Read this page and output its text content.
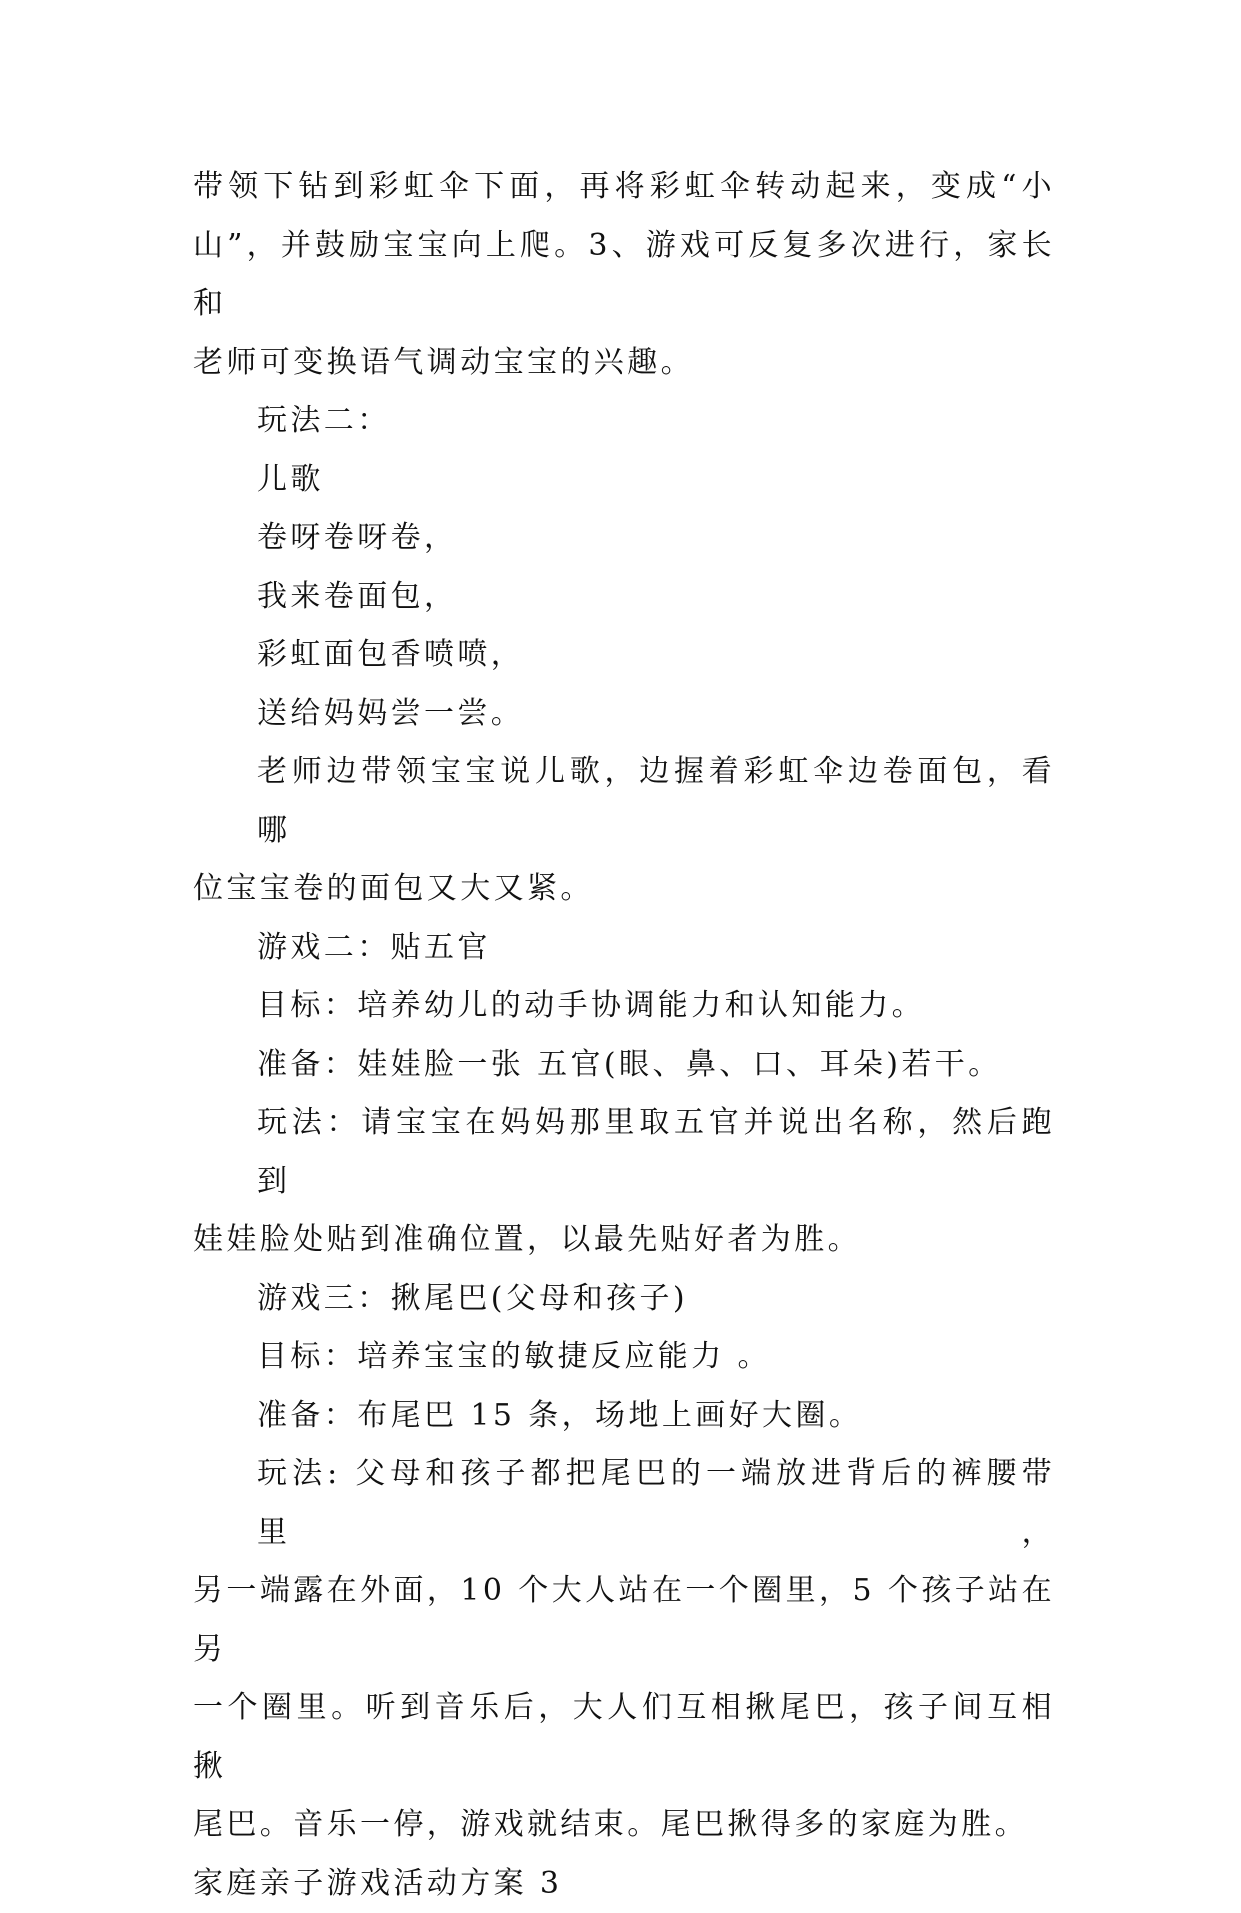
带领下钻到彩虹伞下面，再将彩虹伞转动起来，变成“小
山”，并鼓励宝宝向上爬。3、游戏可反复多次进行，家长和
老师可变换语气调动宝宝的兴趣。
玩法二：
儿歌
卷呀卷呀卷，
我来卷面包，
彩虹面包香喷喷，
送给妈妈尝一尝。
老师边带领宝宝说儿歌，边握着彩虹伞边卷面包，看哪
位宝宝卷的面包又大又紧。
游戏二：贴五官
目标：培养幼儿的动手协调能力和认知能力。
准备：娃娃脸一张 五官(眼、鼻、口、耳朵)若干。
玩法：请宝宝在妈妈那里取五官并说出名称，然后跑到
娃娃脸处贴到准确位置，以最先贴好者为胜。
游戏三：揪尾巴(父母和孩子)
目标：培养宝宝的敏捷反应能力 。
准备：布尾巴 15 条，场地上画好大圈。
玩法: 父母和孩子都把尾巴的一端放进背后的裤腰带里，
另一端露在外面，10 个大人站在一个圈里，5 个孩子站在另
一个圈里。听到音乐后，大人们互相揪尾巴，孩子间互相揪
尾巴。音乐一停，游戏就结束。尾巴揪得多的家庭为胜。
家庭亲子游戏活动方案 3
